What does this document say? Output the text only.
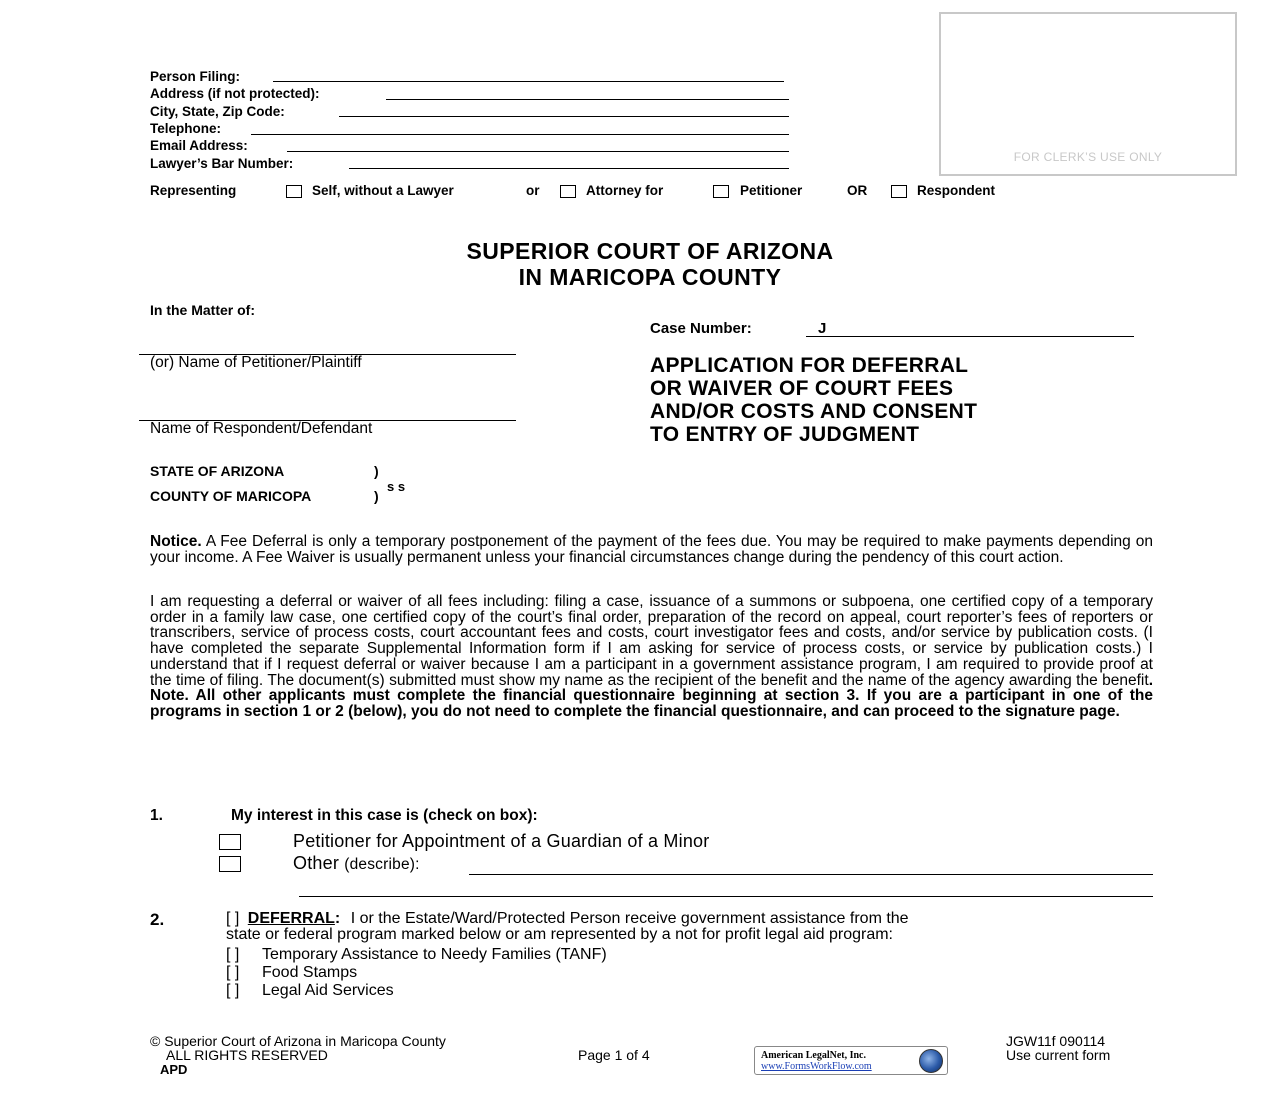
Person Filing:
Address (if not protected):
City, State, Zip Code:
Telephone:
Email Address:
Lawyer’s Bar Number:	FOR CLERK’S USE ONLY
Representing	Self, without a Lawyer	or	Attorney for	Petitioner	OR	Respondent
SUPERIOR COURT OF ARIZONA
IN MARICOPA COUNTY
In the Matter of:
(or) Name of Petitioner/Plaintiff
Name of Respondent/Defendant
STATE OF ARIZONA	)
COUNTY OF MARICOPA	)
s s
Case Number:	J
APPLICATION FOR DEFERRAL
OR WAIVER OF COURT FEES
AND/OR COSTS AND CONSENT
TO ENTRY OF JUDGMENT
Notice. A Fee Deferral is only a temporary postponement of the payment of the fees due. You may be required to make payments depending on your income. A Fee Waiver is usually permanent unless your financial circumstances change during the pendency of this court action.
I am requesting a deferral or waiver of all fees including: filing a case, issuance of a summons or subpoena, one certified copy of a temporary order in a family law case, one certified copy of the court’s final order, preparation of the record on appeal, court reporter’s fees of reporters or transcribers, service of process costs, court accountant fees and costs, court investigator fees and costs, and/or service by publication costs. (I have completed the separate Supplemental Information form if I am asking for service of process costs, or service by publication costs.) I understand that if I request deferral or waiver because I am a participant in a government assistance program, I am required to provide proof at the time of filing. The document(s) submitted must show my name as the recipient of the benefit and the name of the agency awarding the benefit. Note. All other applicants must complete the financial questionnaire beginning at section 3. If you are a participant in one of the programs in section 1 or 2 (below), you do not need to complete the financial questionnaire, and can proceed to the signature page.
1.	My interest in this case is (check on box):
Petitioner for Appointment of a Guardian of a Minor
Other (describe):
2.	[ ] DEFERRAL: I or the Estate/Ward/Protected Person receive government assistance from the
state or federal program marked below or am represented by a not for profit legal aid program:
[ ] Temporary Assistance to Needy Families (TANF)
[ ] Food Stamps
[ ] Legal Aid Services
© Superior Court of Arizona in Maricopa County
ALL RIGHTS RESERVED
APD
Page 1 of 4
JGW11f 090114
Use current form
American LegalNet, Inc.
www.FormsWorkFlow.com
